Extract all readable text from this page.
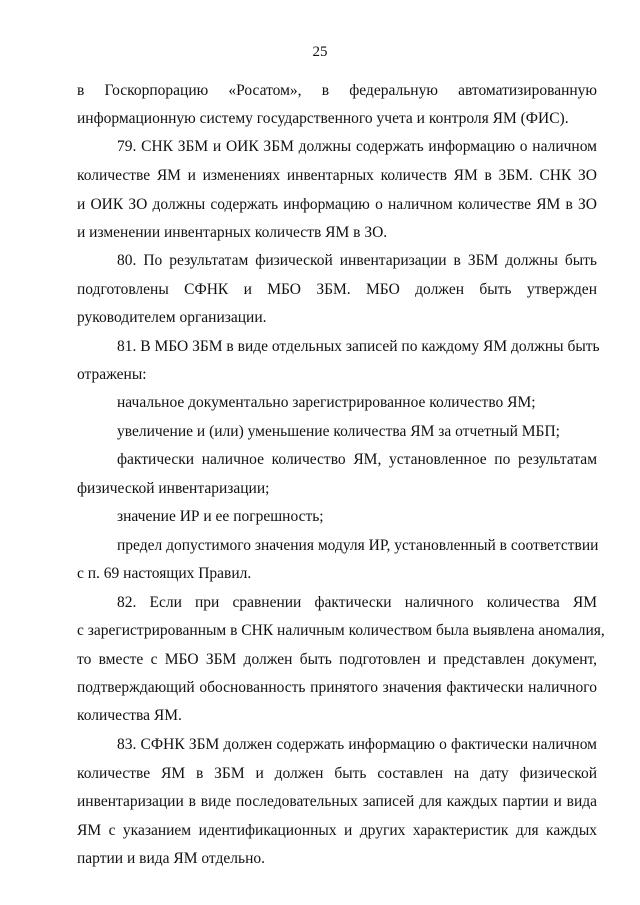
25
в Госкорпорацию «Росатом», в федеральную автоматизированную
информационную систему государственного учета и контроля ЯМ (ФИС).
79. СНК ЗБМ и ОИК ЗБМ должны содержать информацию о наличном
количестве ЯМ и изменениях инвентарных количеств ЯМ в ЗБМ. СНК ЗО
и ОИК ЗО должны содержать информацию о наличном количестве ЯМ в ЗО
и изменении инвентарных количеств ЯМ в ЗО.
80. По результатам физической инвентаризации в ЗБМ должны быть
подготовлены СФНК и МБО ЗБМ. МБО должен быть утвержден
руководителем организации.
81. В МБО ЗБМ в виде отдельных записей по каждому ЯМ должны быть
отражены:
начальное документально зарегистрированное количество ЯМ;
увеличение и (или) уменьшение количества ЯМ за отчетный МБП;
фактически наличное количество ЯМ, установленное по результатам
физической инвентаризации;
значение ИР и ее погрешность;
предел допустимого значения модуля ИР, установленный в соответствии
с п. 69 настоящих Правил.
82. Если при сравнении фактически наличного количества ЯМ
с зарегистрированным в СНК наличным количеством была выявлена аномалия,
то вместе с МБО ЗБМ должен быть подготовлен и представлен документ,
подтверждающий обоснованность принятого значения фактически наличного
количества ЯМ.
83. СФНК ЗБМ должен содержать информацию о фактически наличном
количестве ЯМ в ЗБМ и должен быть составлен на дату физической
инвентаризации в виде последовательных записей для каждых партии и вида
ЯМ с указанием идентификационных и других характеристик для каждых
партии и вида ЯМ отдельно.
